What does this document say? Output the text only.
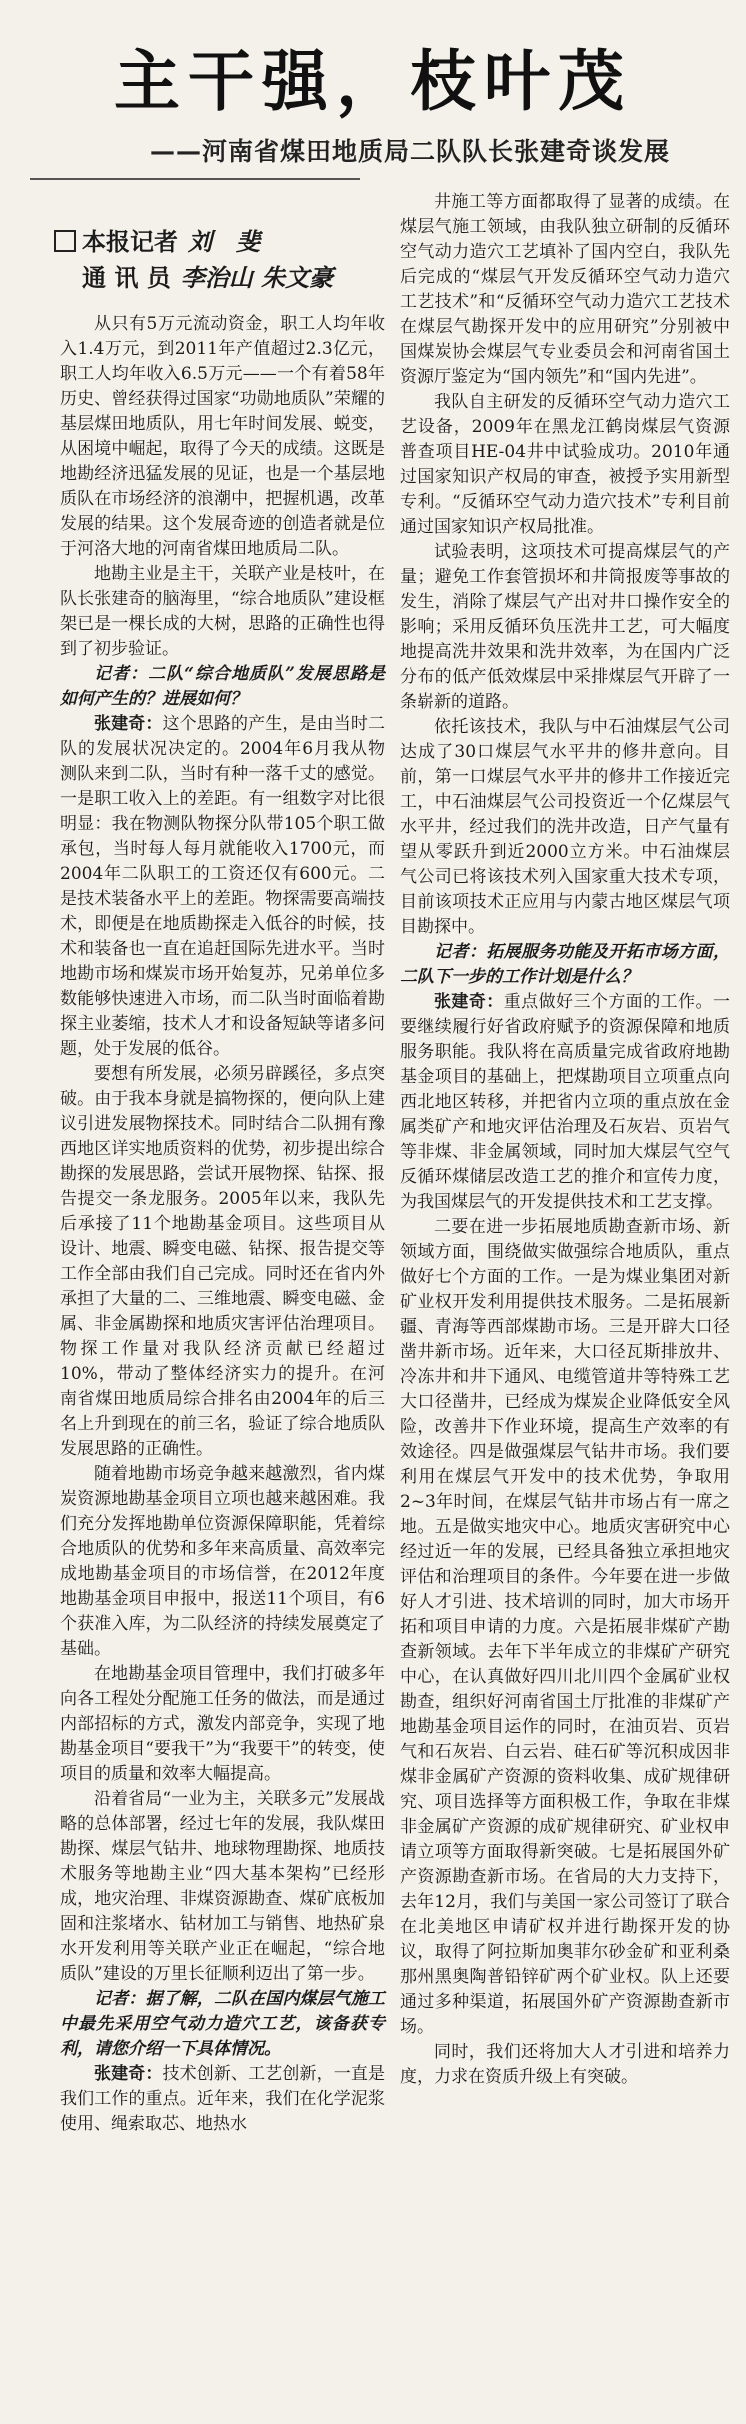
主干强，枝叶茂
——河南省煤田地质局二队队长张建奇谈发展
本报记者 刘　斐
通 讯 员 李治山 朱文豪

从只有5万元流动资金，职工人均年收入1.4万元，到2011年产值超过2.3亿元，职工人均年收入6.5万元——一个有着58年历史、曾经获得过国家“功勋地质队”荣耀的基层煤田地质队，用七年时间发展、蜕变，从困境中崛起，取得了今天的成绩。这既是地勘经济迅猛发展的见证，也是一个基层地质队在市场经济的浪潮中，把握机遇，改革发展的结果。这个发展奇迹的创造者就是位于河洛大地的河南省煤田地质局二队。

地勘主业是主干，关联产业是枝叶，在队长张建奇的脑海里，“综合地质队”建设框架已是一棵长成的大树，思路的正确性也得到了初步验证。

记者：二队“综合地质队”发展思路是如何产生的？进展如何？

张建奇：这个思路的产生，是由当时二队的发展状况决定的。2004年6月我从物测队来到二队，当时有种一落千丈的感觉。一是职工收入上的差距。有一组数字对比很明显：我在物测队物探分队带105个职工做承包，当时每人每月就能收入1700元，而2004年二队职工的工资还仅有600元。二是技术装备水平上的差距。物探需要高端技术，即便是在地质勘探走入低谷的时候，技术和装备也一直在追赶国际先进水平。当时地勘市场和煤炭市场开始复苏，兄弟单位多数能够快速进入市场，而二队当时面临着勘探主业萎缩，技术人才和设备短缺等诸多问题，处于发展的低谷。

要想有所发展，必须另辟蹊径，多点突破。由于我本身就是搞物探的，便向队上建议引进发展物探技术。同时结合二队拥有豫西地区详实地质资料的优势，初步提出综合勘探的发展思路，尝试开展物探、钻探、报告提交一条龙服务。2005年以来，我队先后承接了11个地勘基金项目。这些项目从设计、地震、瞬变电磁、钻探、报告提交等工作全部由我们自己完成。同时还在省内外承担了大量的二、三维地震、瞬变电磁、金属、非金属勘探和地质灾害评估治理项目。物探工作量对我队经济贡献已经超过10%，带动了整体经济实力的提升。在河南省煤田地质局综合排名由2004年的后三名上升到现在的前三名，验证了综合地质队发展思路的正确性。

随着地勘市场竞争越来越激烈，省内煤炭资源地勘基金项目立项也越来越困难。我们充分发挥地勘单位资源保障职能，凭着综合地质队的优势和多年来高质量、高效率完成地勘基金项目的市场信誉，在2012年度地勘基金项目申报中，报送11个项目，有6个获准入库，为二队经济的持续发展奠定了基础。

在地勘基金项目管理中，我们打破多年向各工程处分配施工任务的做法，而是通过内部招标的方式，激发内部竞争，实现了地勘基金项目“要我干”为“我要干”的转变，使项目的质量和效率大幅提高。

沿着省局“一业为主，关联多元”发展战略的总体部署，经过七年的发展，我队煤田勘探、煤层气钻井、地球物理勘探、地质技术服务等地勘主业“四大基本架构”已经形成，地灾治理、非煤资源勘查、煤矿底板加固和注浆堵水、钻材加工与销售、地热矿泉水开发利用等关联产业正在崛起，“综合地质队”建设的万里长征顺利迈出了第一步。

记者：据了解，二队在国内煤层气施工中最先采用空气动力造穴工艺，该备获专利，请您介绍一下具体情况。

张建奇：技术创新、工艺创新，一直是我们工作的重点。近年来，我们在化学泥浆使用、绳索取芯、地热水

井施工等方面都取得了显著的成绩。在煤层气施工领域，由我队独立研制的反循环空气动力造穴工艺填补了国内空白，我队先后完成的“煤层气开发反循环空气动力造穴工艺技术”和“反循环空气动力造穴工艺技术在煤层气勘探开发中的应用研究”分别被中国煤炭协会煤层气专业委员会和河南省国土资源厅鉴定为“国内领先”和“国内先进”。

我队自主研发的反循环空气动力造穴工艺设备，2009年在黑龙江鹤岗煤层气资源普查项目HE-04井中试验成功。2010年通过国家知识产权局的审查，被授予实用新型专利。“反循环空气动力造穴技术”专利目前通过国家知识产权局批准。

试验表明，这项技术可提高煤层气的产量；避免工作套管损坏和井筒报废等事故的发生，消除了煤层气产出对井口操作安全的影响；采用反循环负压洗井工艺，可大幅度地提高洗井效果和洗井效率，为在国内广泛分布的低产低效煤层中采排煤层气开辟了一条崭新的道路。

依托该技术，我队与中石油煤层气公司达成了30口煤层气水平井的修井意向。目前，第一口煤层气水平井的修井工作接近完工，中石油煤层气公司投资近一个亿煤层气水平井，经过我们的洗井改造，日产气量有望从零跃升到近2000立方米。中石油煤层气公司已将该技术列入国家重大技术专项，目前该项技术正应用与内蒙古地区煤层气项目勘探中。

记者：拓展服务功能及开拓市场方面，二队下一步的工作计划是什么？

张建奇：重点做好三个方面的工作。一要继续履行好省政府赋予的资源保障和地质服务职能。我队将在高质量完成省政府地勘基金项目的基础上，把煤勘项目立项重点向西北地区转移，并把省内立项的重点放在金属类矿产和地灾评估治理及石灰岩、页岩气等非煤、非金属领域，同时加大煤层气空气反循环煤储层改造工艺的推介和宣传力度，为我国煤层气的开发提供技术和工艺支撑。

二要在进一步拓展地质勘查新市场、新领域方面，围绕做实做强综合地质队，重点做好七个方面的工作。一是为煤业集团对新矿业权开发利用提供技术服务。二是拓展新疆、青海等西部煤勘市场。三是开辟大口径凿井新市场。近年来，大口径瓦斯排放井、冷冻井和井下通风、电缆管道井等特殊工艺大口径凿井，已经成为煤炭企业降低安全风险，改善井下作业环境，提高生产效率的有效途径。四是做强煤层气钻井市场。我们要利用在煤层气开发中的技术优势，争取用2~3年时间，在煤层气钻井市场占有一席之地。五是做实地灾中心。地质灾害研究中心经过近一年的发展，已经具备独立承担地灾评估和治理项目的条件。今年要在进一步做好人才引进、技术培训的同时，加大市场开拓和项目申请的力度。六是拓展非煤矿产勘查新领域。去年下半年成立的非煤矿产研究中心，在认真做好四川北川四个金属矿业权勘查，组织好河南省国土厅批准的非煤矿产地勘基金项目运作的同时，在油页岩、页岩气和石灰岩、白云岩、硅石矿等沉积成因非煤非金属矿产资源的资料收集、成矿规律研究、项目选择等方面积极工作，争取在非煤非金属矿产资源的成矿规律研究、矿业权申请立项等方面取得新突破。七是拓展国外矿产资源勘查新市场。在省局的大力支持下，去年12月，我们与美国一家公司签订了联合在北美地区申请矿权并进行勘探开发的协议，取得了阿拉斯加奥菲尔砂金矿和亚利桑那州黑奥陶普铅锌矿两个矿业权。队上还要通过多种渠道，拓展国外矿产资源勘查新市场。

同时，我们还将加大人才引进和培养力度，力求在资质升级上有突破。
